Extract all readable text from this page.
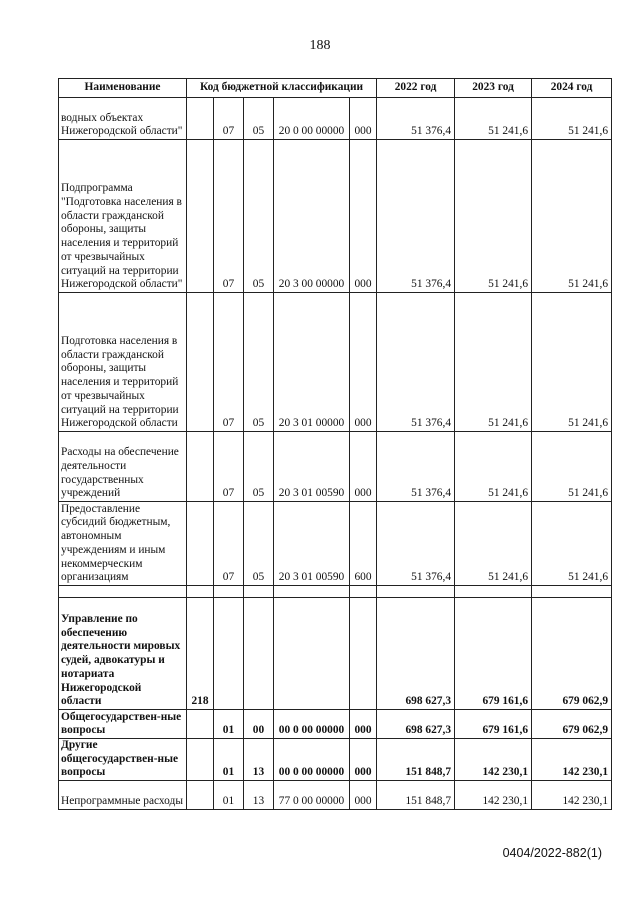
188
Наименование	Код бюджетной классификации					2022 год	2023 год	2024 год
водных объектах Нижегородской области"		07	05	20 0 00 00000	000	51 376,4	51 241,6	51 241,6
Подпрограмма "Подготовка населения в области гражданской обороны, защиты населения и территорий от чрезвычайных ситуаций на территории Нижегородской области"		07	05	20 3 00 00000	000	51 376,4	51 241,6	51 241,6
Подготовка населения в области гражданской обороны, защиты населения и территорий от чрезвычайных ситуаций на территории Нижегородской области		07	05	20 3 01 00000	000	51 376,4	51 241,6	51 241,6
Расходы на обеспечение деятельности государственных учреждений		07	05	20 3 01 00590	000	51 376,4	51 241,6	51 241,6
Предоставление субсидий бюджетным, автономным учреждениям и иным некоммерческим организациям		07	05	20 3 01 00590	600	51 376,4	51 241,6	51 241,6

Управление по обеспечению деятельности мировых судей, адвокатуры и нотариата Нижегородской области	218					698 627,3	679 161,6	679 062,9
Общегосударствен-ные вопросы		01	00	00 0 00 00000	000	698 627,3	679 161,6	679 062,9
Другие общегосударствен-ные вопросы		01	13	00 0 00 00000	000	151 848,7	142 230,1	142 230,1
Непрограммные расходы		01	13	77 0 00 00000	000	151 848,7	142 230,1	142 230,1
0404/2022-882(1)
